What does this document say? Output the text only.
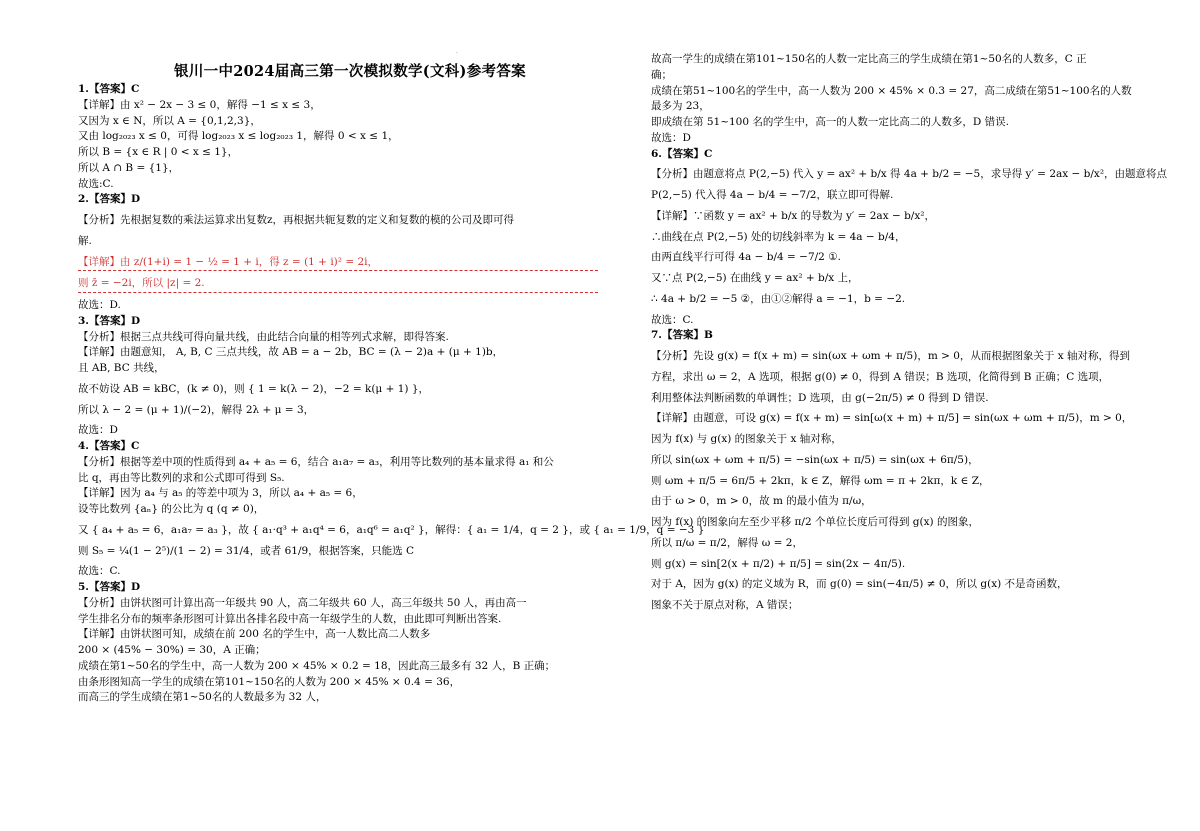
·
银川一中2024届高三第一次模拟数学(文科)参考答案
1.【答案】C
【详解】由 x² − 2x − 3 ≤ 0，解得 −1 ≤ x ≤ 3，
又因为 x ∈ N，所以 A = {0,1,2,3}，
又由 log₂₀₂₃ x ≤ 0，可得 log₂₀₂₃ x ≤ log₂₀₂₃ 1，解得 0 < x ≤ 1，
所以 B = {x ∈ R | 0 < x ≤ 1}，
所以 A ∩ B = {1}，
故选:C.
2.【答案】D
【分析】先根据复数的乘法运算求出复数z，再根据共轭复数的定义和复数的模的公司及即可得
解.
【详解】由 z/(1+i) = 1 − ½ = 1 + i，得 z = (1 + i)² = 2i，
则 z̄ = −2i，所以 |z| = 2.
故选：D.
3.【答案】D
【分析】根据三点共线可得向量共线，由此结合向量的相等列式求解，即得答案.
【详解】由题意知， A, B, C 三点共线，故 AB = a − 2b，BC = (λ − 2)a + (μ + 1)b，
且 AB, BC 共线，
故不妨设 AB = kBC，(k ≠ 0)，则 { 1 = k(λ − 2)，−2 = k(μ + 1) }，
所以 λ − 2 = (μ + 1)/(−2)，解得 2λ + μ = 3，
故选：D
4.【答案】C
【分析】根据等差中项的性质得到 a₄ + a₅ = 6，结合 a₁a₇ = a₃，利用等比数列的基本量求得 a₁ 和公
比 q，再由等比数列的求和公式即可得到 S₅.
【详解】因为 a₄ 与 a₅ 的等差中项为 3，所以 a₄ + a₅ = 6，
设等比数列 {aₙ} 的公比为 q (q ≠ 0)，
又 { a₄ + a₅ = 6，a₁a₇ = a₃ }，故 { a₁·q³ + a₁q⁴ = 6，a₁q⁶ = a₁q² }，解得：{ a₁ = 1/4，q = 2 }，或 { a₁ = 1/9，q = −3 }
则 S₅ = ¼(1 − 2⁵)/(1 − 2) = 31/4，或者 61/9，根据答案，只能选 C
故选：C.
5.【答案】D
【分析】由饼状图可计算出高一年级共 90 人，高二年级共 60 人，高三年级共 50 人，再由高一
学生排名分布的频率条形图可计算出各排名段中高一年级学生的人数，由此即可判断出答案.
【详解】由饼状图可知，成绩在前 200 名的学生中，高一人数比高二人数多
200 × (45% − 30%) = 30，A 正确；
成绩在第1~50名的学生中，高一人数为 200 × 45% × 0.2 = 18，因此高三最多有 32 人，B 正确；
由条形图知高一学生的成绩在第101~150名的人数为 200 × 45% × 0.4 = 36，
而高三的学生成绩在第1~50名的人数最多为 32 人，
故高一学生的成绩在第101~150名的人数一定比高三的学生成绩在第1~50名的人数多，C 正
确；
成绩在第51~100名的学生中，高一人数为 200 × 45% × 0.3 = 27，高二成绩在第51~100名的人数
最多为 23，
即成绩在第 51~100 名的学生中，高一的人数一定比高二的人数多，D 错误.
故选：D
6.【答案】C
【分析】由题意将点 P(2,−5) 代入 y = ax² + b/x 得 4a + b/2 = −5，求导得 y′ = 2ax − b/x²，由题意将点
P(2,−5) 代入得 4a − b/4 = −7/2，联立即可得解.
【详解】∵函数 y = ax² + b/x 的导数为 y′ = 2ax − b/x²，
∴曲线在点 P(2,−5) 处的切线斜率为 k = 4a − b/4，
由两直线平行可得 4a − b/4 = −7/2 ①.
又∵点 P(2,−5) 在曲线 y = ax² + b/x 上，
∴ 4a + b/2 = −5 ②，由①②解得 a = −1，b = −2.
故选：C.
7.【答案】B
【分析】先设 g(x) = f(x + m) = sin(ωx + ωm + π/5)，m > 0，从而根据图象关于 x 轴对称，得到
方程，求出 ω = 2，A 选项，根据 g(0) ≠ 0，得到 A 错误；B 选项，化简得到 B 正确；C 选项，
利用整体法判断函数的单调性；D 选项，由 g(−2π/5) ≠ 0 得到 D 错误.
【详解】由题意，可设 g(x) = f(x + m) = sin[ω(x + m) + π/5] = sin(ωx + ωm + π/5)，m > 0，
因为 f(x) 与 g(x) 的图象关于 x 轴对称，
所以 sin(ωx + ωm + π/5) = −sin(ωx + π/5) = sin(ωx + 6π/5)，
则 ωm + π/5 = 6π/5 + 2kπ，k ∈ Z，解得 ωm = π + 2kπ，k ∈ Z，
由于 ω > 0，m > 0，故 m 的最小值为 π/ω，
因为 f(x) 的图象向左至少平移 π/2 个单位长度后可得到 g(x) 的图象，
所以 π/ω = π/2，解得 ω = 2，
则 g(x) = sin[2(x + π/2) + π/5] = sin(2x − 4π/5).
对于 A，因为 g(x) 的定义域为 R，而 g(0) = sin(−4π/5) ≠ 0，所以 g(x) 不是奇函数，
图象不关于原点对称，A 错误；
